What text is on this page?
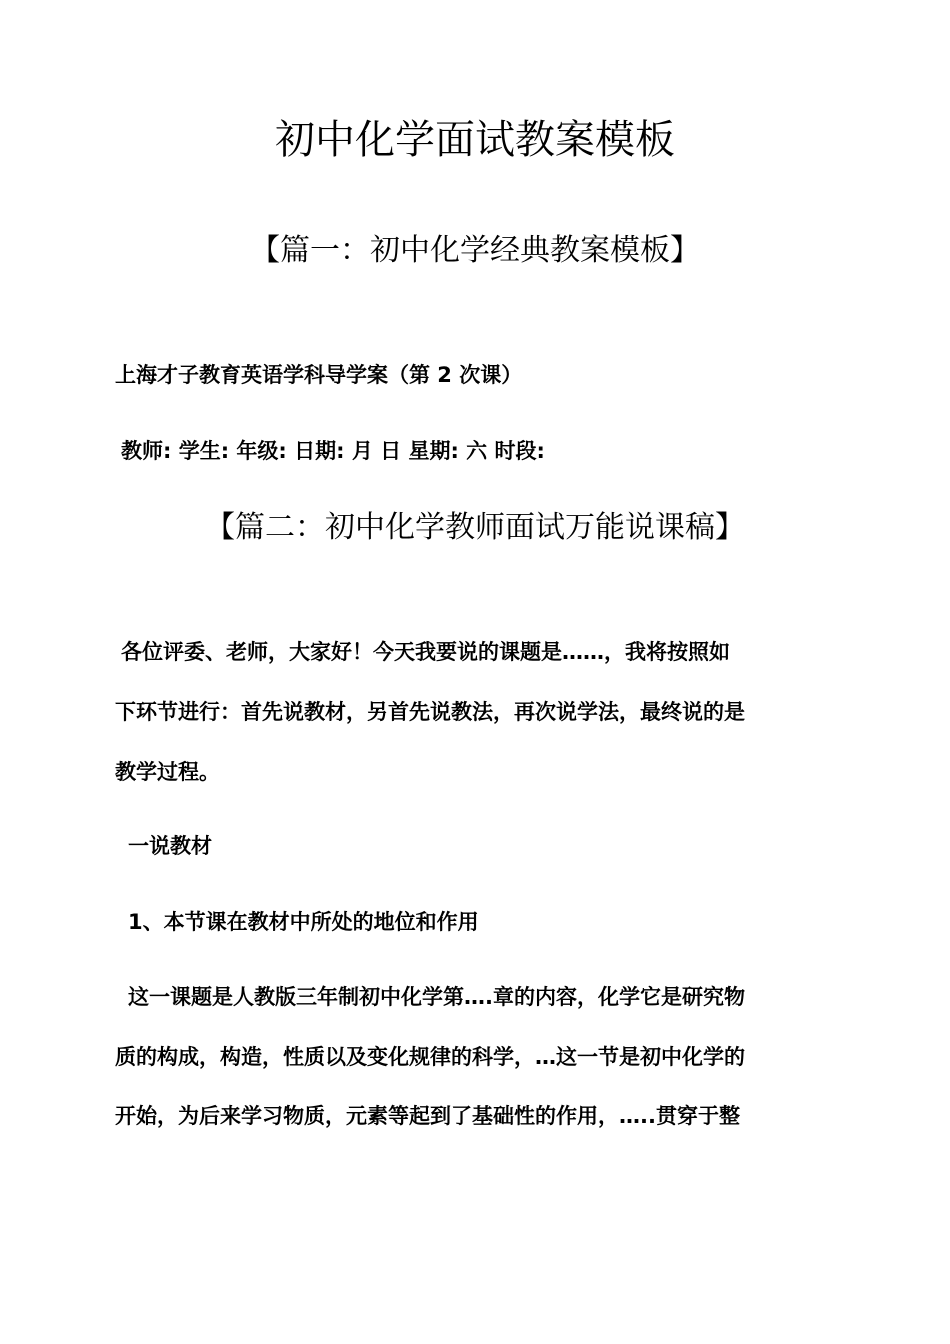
初中化学面试教案模板
【篇一：初中化学经典教案模板】

上海才子教育英语学科导学案（第 2 次课）

教师: 学生: 年级: 日期: 月 日 星期: 六 时段:

【篇二：初中化学教师面试万能说课稿】

各位评委、老师，大家好！今天我要说的课题是……，我将按照如

下环节进行：首先说教材，另首先说教法，再次说学法，最终说的是

教学过程。

一说教材

1、本节课在教材中所处的地位和作用

这一课题是人教版三年制初中化学第….章的内容，化学它是研究物

质的构成，构造，性质以及变化规律的科学，…这一节是初中化学的

开始，为后来学习物质，元素等起到了基础性的作用，…..贯穿于整
